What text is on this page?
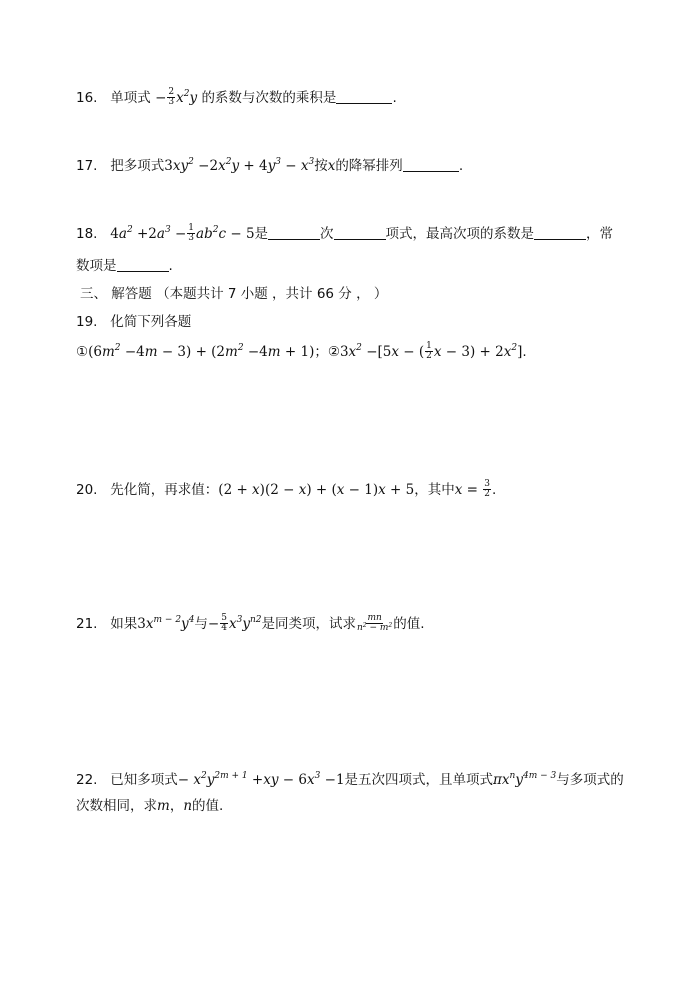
16. 单项式 − $\frac{2}{3} x^2y$ 的系数与次数的乘积是	.
17. 把多项式$3xy^2 -2x^2y + 4y^3 - x^3$按x的降幂排列	.
18. $4a^2 +2a^3 - \frac{1}{3} ab^2c - 5$是	次	项式，最高次项的系数是	，常
数项是	.
三、 解答题 （本题共计 7 小题 ，共计 66 分 ， ）
19. 化简下列各题
$①(6m^2 -4m - 3) + (2m^2 -4m + 1)$；$②3x^2 -[5x$ − ( $\frac{1}{2}$ $x - 3) + 2x^2$].
20. 先化简，再求值：(2 + x)(2 − x) + (x − 1)x + 5，其中$x = \frac{3}{2}$ .
21. 如果$3x^{m - 2}y^4$与− $\frac{5}{4} x^3y^{n2}$是同类项，试求 $\frac{mn}{n^2 - m^2}$ 的值.
22. 已知多项式− $x^2y^{2m + 1} +xy - 6x^3 -1$是五次四项式，且单项式$\pi x^ny^{4m - 3}$与多项式的
次数相同，求m，n的值.
